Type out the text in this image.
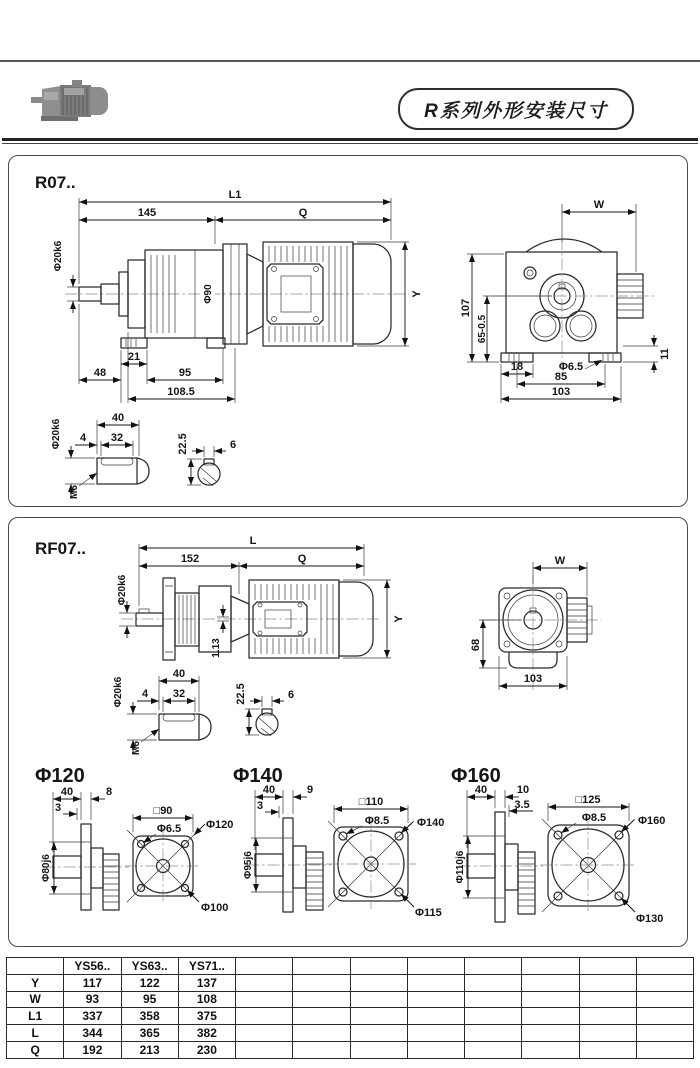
R系列外形安装尺寸
R07..
L1
145	Q
Φ90	Y
Φ20k6
21
48	95
108.5
W
107
65-0.5
11
18	Φ6.5
85
103
Φ20k6
40
32
4
M6
22.5	6
RF07..	L
152	Q
Y
Φ20k6
1.13
W
68
103
Φ20k6
40
32
4
M6
22.5	6
Φ120
40	8
3
Φ80j6
□90
Φ6.5 Φ120
Φ100
Φ140
40	9
3
Φ95j6
□110
Φ8.5	Φ140
Φ115
Φ160
40	10
3.5
Φ110j6
□125
Φ8.5	Φ160
Φ130
	YS56..	YS63..	YS71..								
Y	117	122	137								
W	93	95	108								
L1	337	358	375								
L	344	365	382								
Q	192	213	230								
